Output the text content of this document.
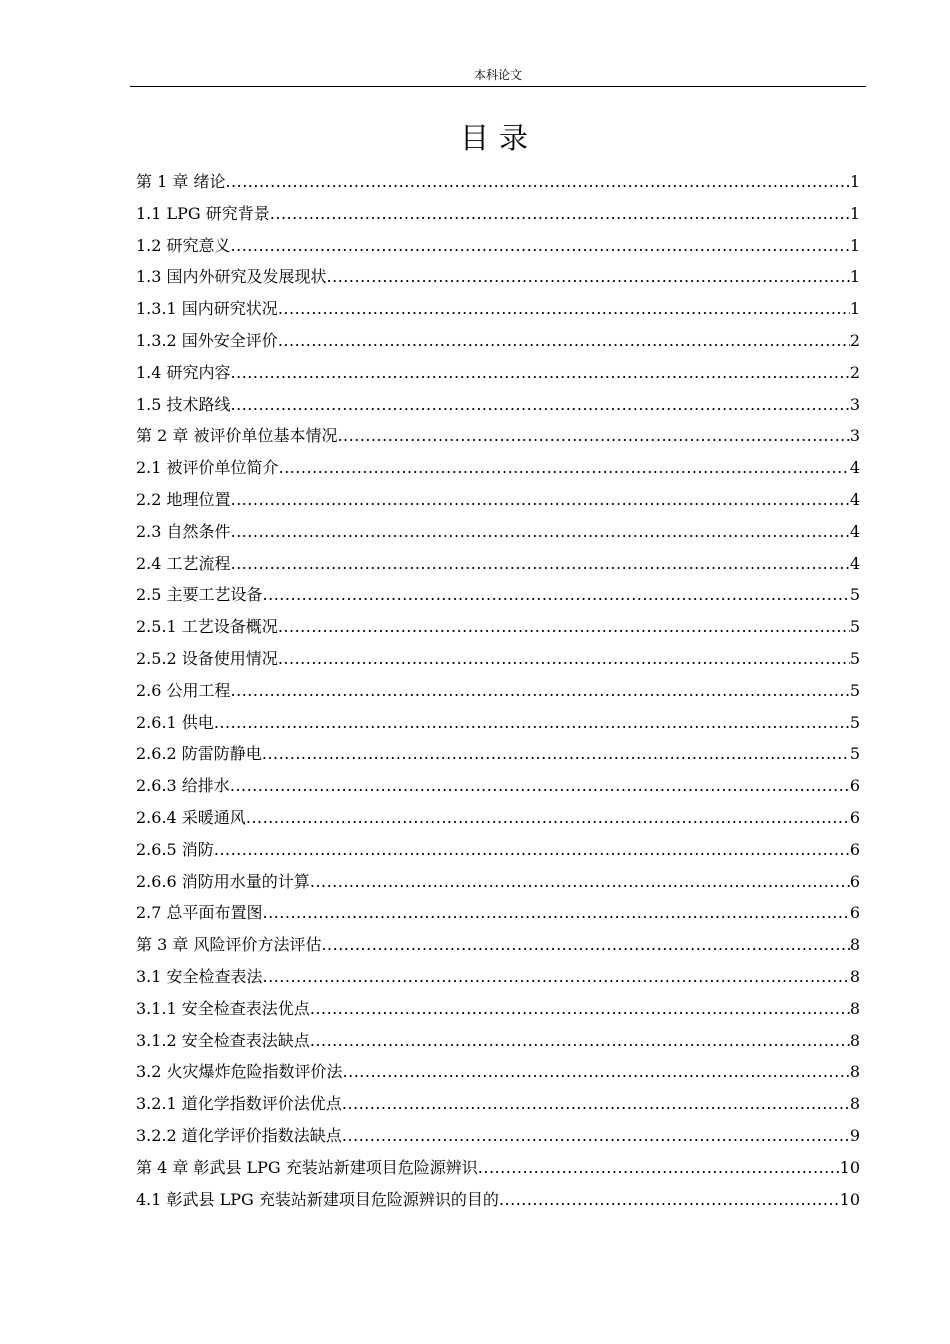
本科论文
目录
第 1 章 绪论 .....	1
1.1 LPG 研究背景 .....	1
1.2 研究意义 .....	1
1.3 国内外研究及发展现状 .....	1
1.3.1 国内研究状况 .....	1
1.3.2 国外安全评价 .....	2
1.4 研究内容 .....	2
1.5 技术路线 .....	3
第 2 章 被评价单位基本情况 .....	3
2.1 被评价单位简介 .....	4
2.2 地理位置 .....	4
2.3 自然条件 .....	4
2.4 工艺流程 .....	4
2.5 主要工艺设备 .....	5
2.5.1 工艺设备概况 .....	5
2.5.2 设备使用情况 .....	5
2.6 公用工程 .....	5
2.6.1 供电 .....	5
2.6.2 防雷防静电 .....	5
2.6.3 给排水 .....	6
2.6.4 采暖通风 .....	6
2.6.5 消防 .....	6
2.6.6 消防用水量的计算 .....	6
2.7 总平面布置图 .....	6
第 3 章 风险评价方法评估 .....	8
3.1 安全检查表法 .....	8
3.1.1 安全检查表法优点 .....	8
3.1.2 安全检查表法缺点 .....	8
3.2 火灾爆炸危险指数评价法 .....	8
3.2.1 道化学指数评价法优点 .....	8
3.2.2 道化学评价指数法缺点 .....	9
第 4 章 彰武县 LPG 充装站新建项目危险源辨识 .....	10
4.1 彰武县 LPG 充装站新建项目危险源辨识的目的 .....	10
